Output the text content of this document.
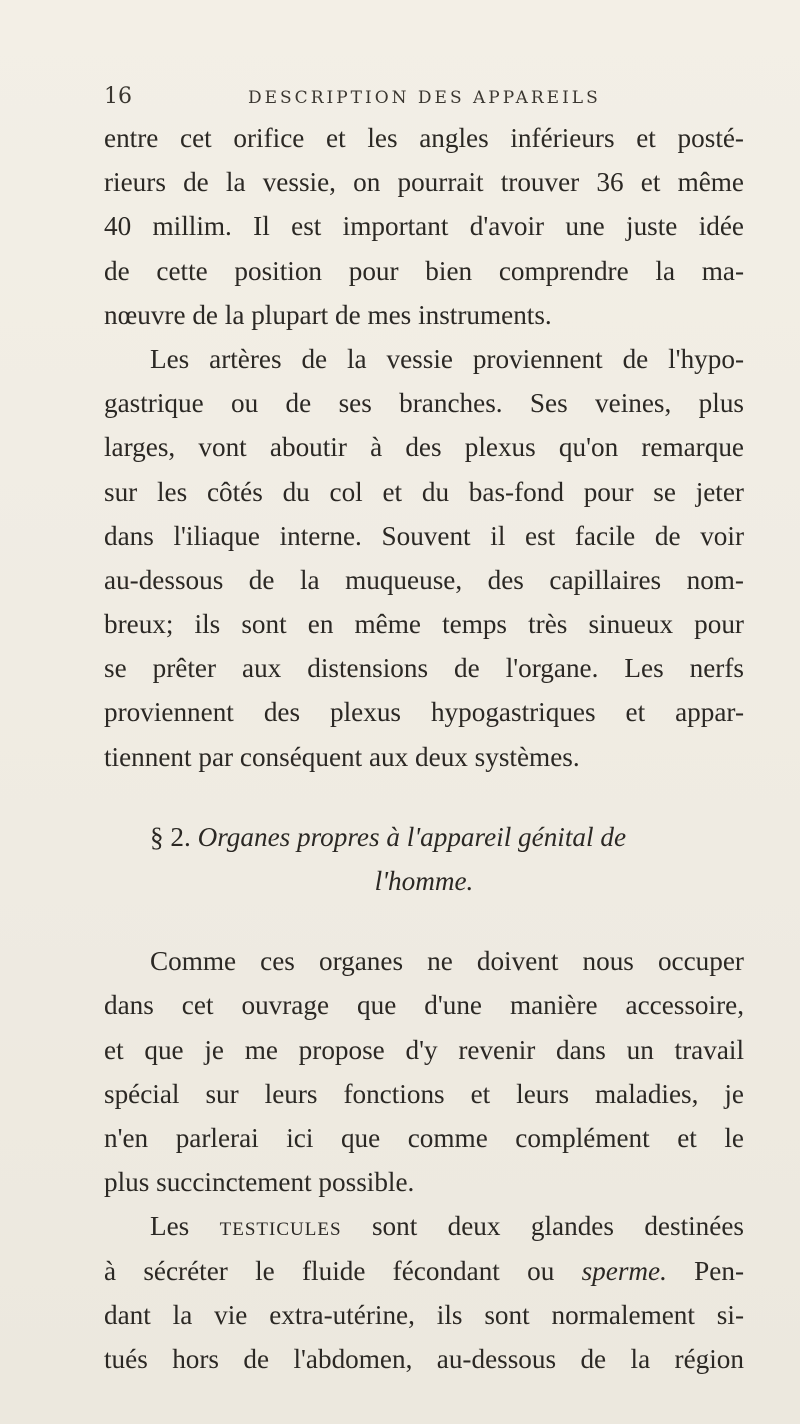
16	DESCRIPTION DES APPAREILS
entre cet orifice et les angles inférieurs et posté-
rieurs de la vessie, on pourrait trouver 36 et même
40 millim. Il est important d'avoir une juste idée
de cette position pour bien comprendre la ma-
nœuvre de la plupart de mes instruments.
Les artères de la vessie proviennent de l'hypo-
gastrique ou de ses branches. Ses veines, plus
larges, vont aboutir à des plexus qu'on remarque
sur les côtés du col et du bas-fond pour se jeter
dans l'iliaque interne. Souvent il est facile de voir
au-dessous de la muqueuse, des capillaires nom-
breux; ils sont en même temps très sinueux pour
se prêter aux distensions de l'organe. Les nerfs
proviennent des plexus hypogastriques et appar-
tiennent par conséquent aux deux systèmes.
§ 2. Organes propres à l'appareil génital de
l'homme.
Comme ces organes ne doivent nous occuper
dans cet ouvrage que d'une manière accessoire,
et que je me propose d'y revenir dans un travail
spécial sur leurs fonctions et leurs maladies, je
n'en parlerai ici que comme complément et le
plus succinctement possible.
Les testicules sont deux glandes destinées
à sécréter le fluide fécondant ou sperme. Pen-
dant la vie extra-utérine, ils sont normalement si-
tués hors de l'abdomen, au-dessous de la région
